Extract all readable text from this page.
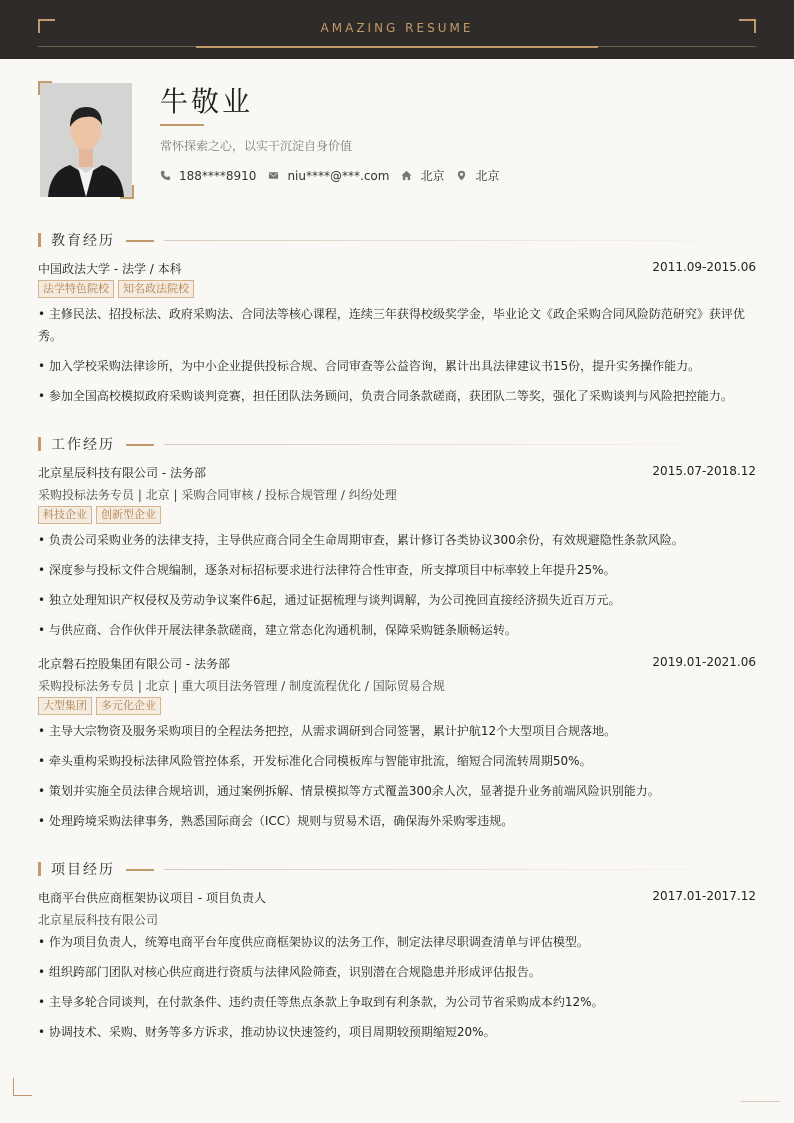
AMAZING RESUME
牛敬业
常怀探索之心，以实干沉淀自身价值
188****8910	niu****@***.com	北京	北京
教育经历
中国政法大学 - 法学 / 本科	2011.09-2015.06
法学特色院校	知名政法院校
• 主修民法、招投标法、政府采购法、合同法等核心课程，连续三年获得校级奖学金，毕业论文《政企采购合同风险防范研究》获评优
秀。
• 加入学校采购法律诊所，为中小企业提供投标合规、合同审查等公益咨询，累计出具法律建议书15份，提升实务操作能力。
• 参加全国高校模拟政府采购谈判竞赛，担任团队法务顾问，负责合同条款磋商，获团队二等奖，强化了采购谈判与风险把控能力。
工作经历
北京星辰科技有限公司 - 法务部	2015.07-2018.12
采购投标法务专员 | 北京 | 采购合同审核 / 投标合规管理 / 纠纷处理
科技企业	创新型企业
• 负责公司采购业务的法律支持，主导供应商合同全生命周期审查，累计修订各类协议300余份，有效规避隐性条款风险。
• 深度参与投标文件合规编制，逐条对标招标要求进行法律符合性审查，所支撑项目中标率较上年提升25%。
• 独立处理知识产权侵权及劳动争议案件6起，通过证据梳理与谈判调解，为公司挽回直接经济损失近百万元。
• 与供应商、合作伙伴开展法律条款磋商，建立常态化沟通机制，保障采购链条顺畅运转。
北京磐石控股集团有限公司 - 法务部	2019.01-2021.06
采购投标法务专员 | 北京 | 重大项目法务管理 / 制度流程优化 / 国际贸易合规
大型集团	多元化企业
• 主导大宗物资及服务采购项目的全程法务把控，从需求调研到合同签署，累计护航12个大型项目合规落地。
• 牵头重构采购投标法律风险管控体系，开发标准化合同模板库与智能审批流，缩短合同流转周期50%。
• 策划并实施全员法律合规培训，通过案例拆解、情景模拟等方式覆盖300余人次，显著提升业务前端风险识别能力。
• 处理跨境采购法律事务，熟悉国际商会（ICC）规则与贸易术语，确保海外采购零违规。
项目经历
电商平台供应商框架协议项目 - 项目负责人	2017.01-2017.12
北京星辰科技有限公司
• 作为项目负责人，统筹电商平台年度供应商框架协议的法务工作，制定法律尽职调查清单与评估模型。
• 组织跨部门团队对核心供应商进行资质与法律风险筛查，识别潜在合规隐患并形成评估报告。
• 主导多轮合同谈判，在付款条件、违约责任等焦点条款上争取到有利条款，为公司节省采购成本约12%。
• 协调技术、采购、财务等多方诉求，推动协议快速签约，项目周期较预期缩短20%。
